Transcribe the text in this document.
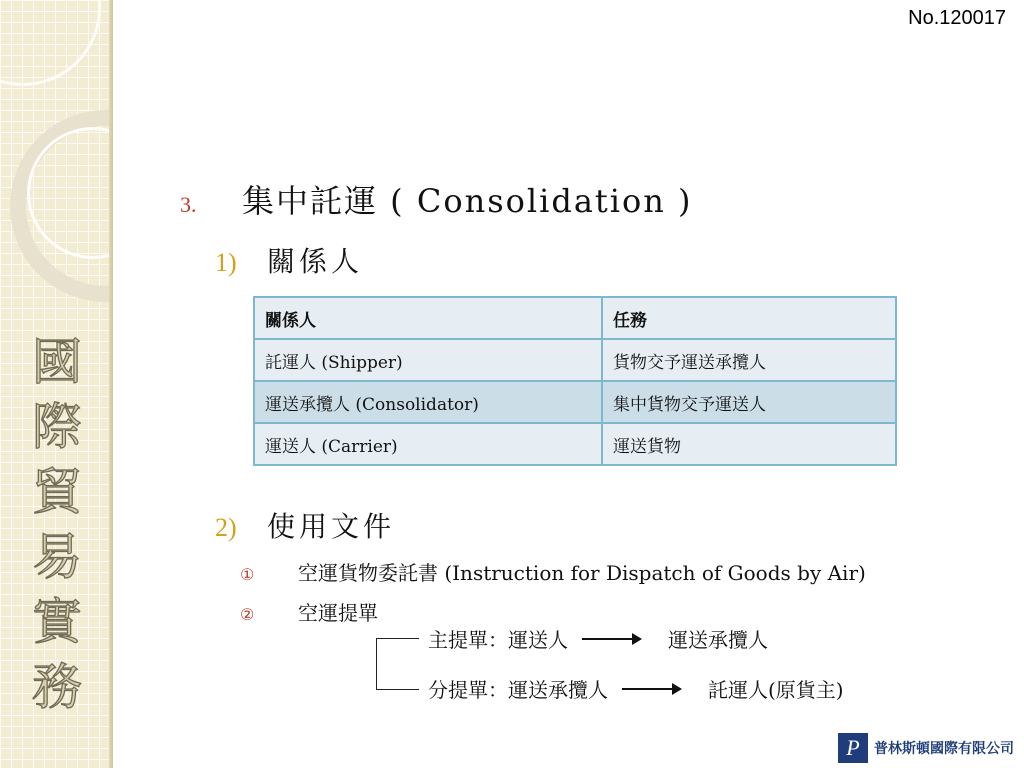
國
際
貿
易
實
務
No.120017
3.	集中託運 ( Consolidation )
1)	關係人
關係人	任務
託運人 (Shipper)	貨物交予運送承攬人
運送承攬人 (Consolidator)	集中貨物交予運送人
運送人 (Carrier)	運送貨物
2)	使用文件
①	空運貨物委託書 (Instruction for Dispatch of Goods by Air)
②	空運提單
主提單：運送人	運送承攬人
分提單：運送承攬人	託運人(原貨主)
P	普林斯頓國際有限公司
